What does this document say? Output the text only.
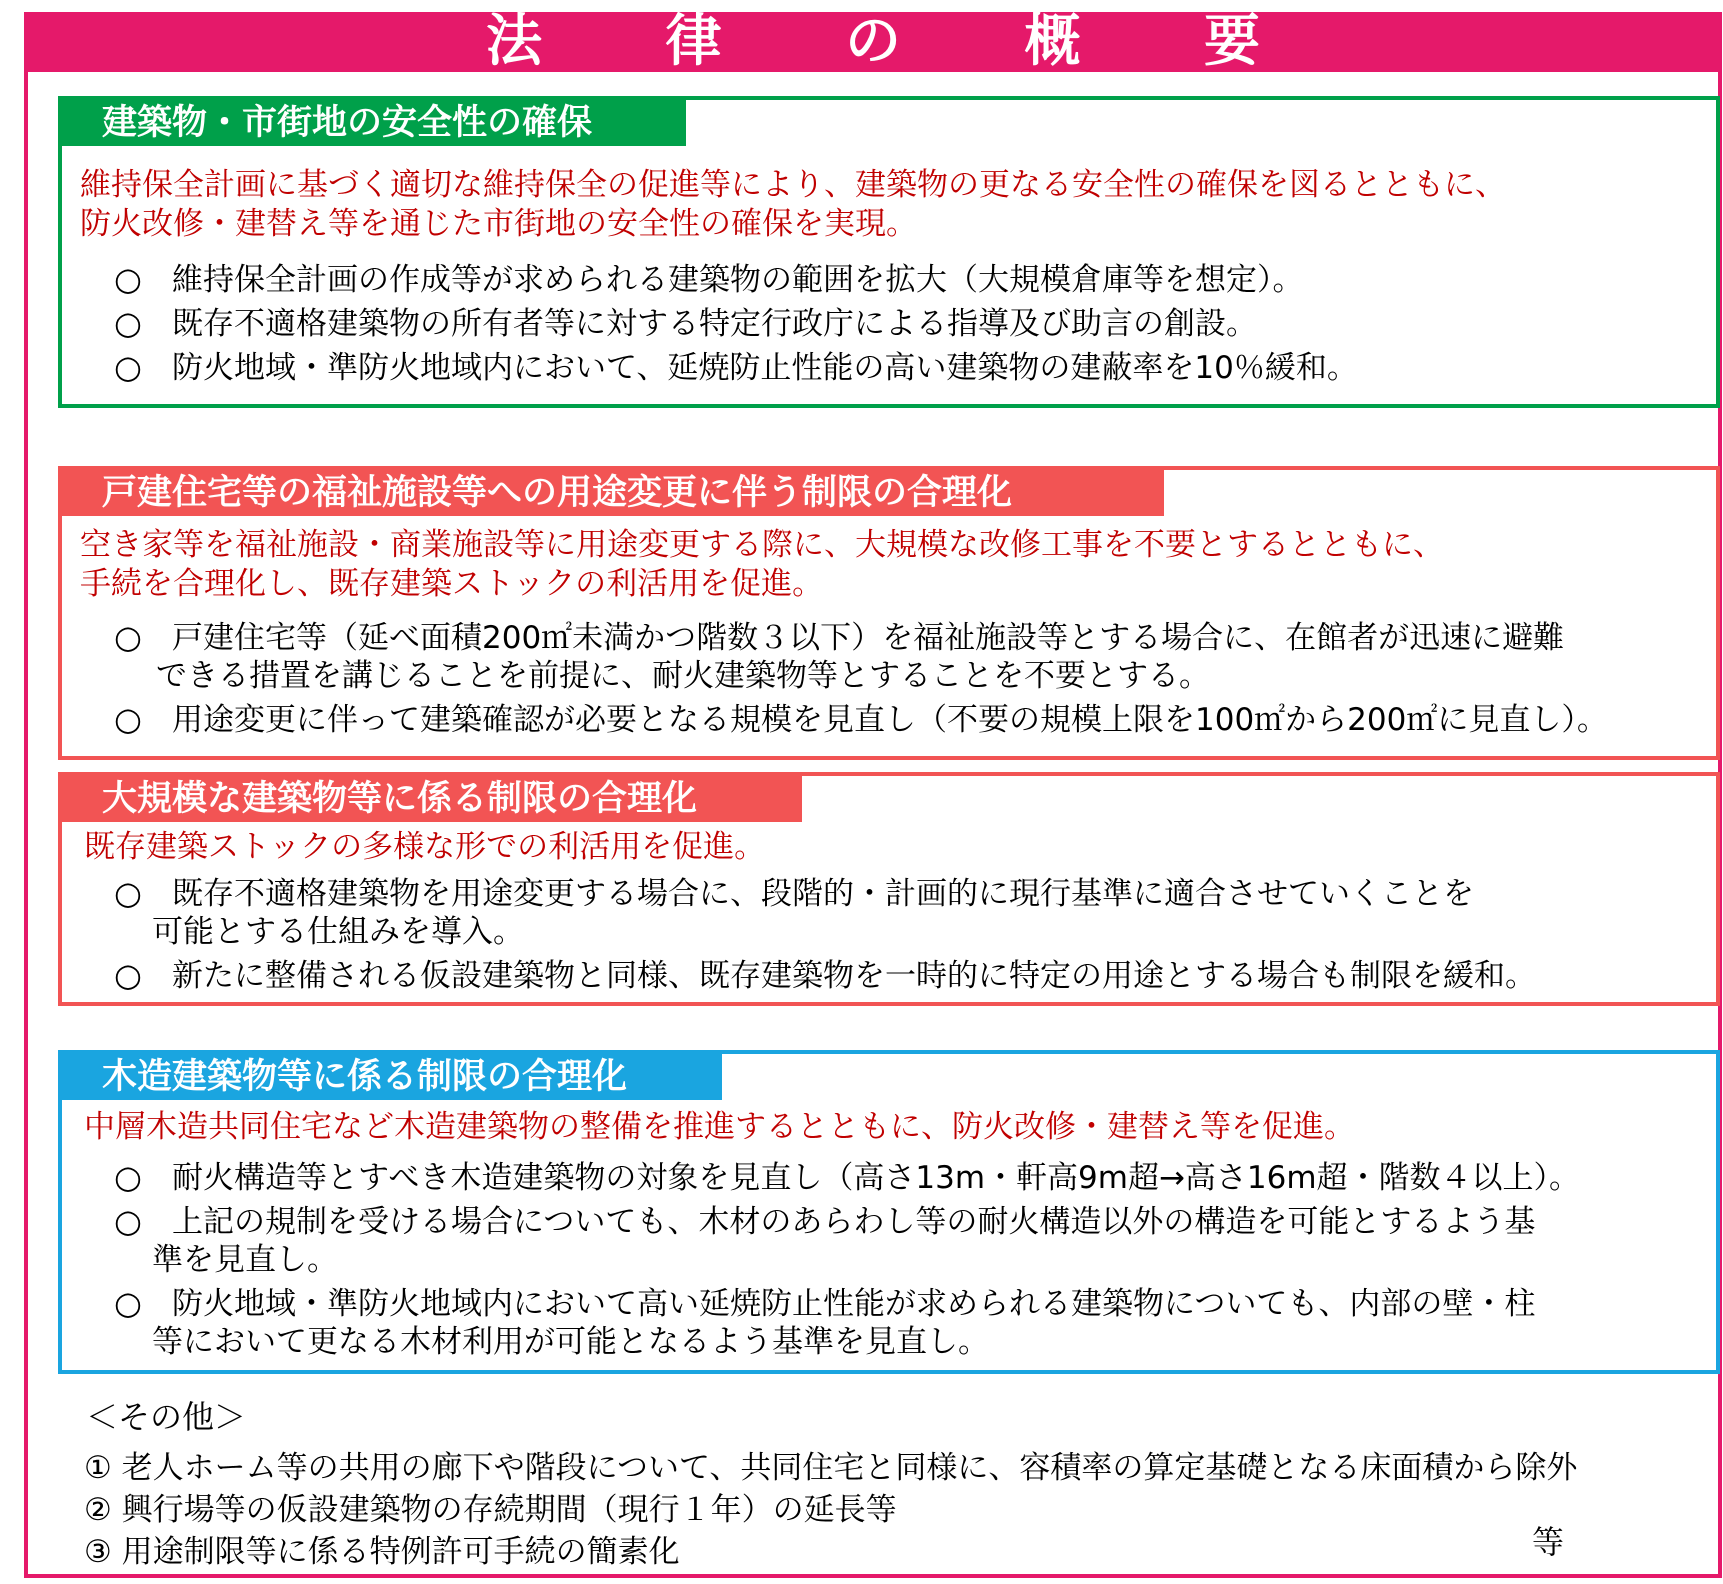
法 律 の 概 要
建築物・市街地の安全性の確保
維持保全計画に基づく適切な維持保全の促進等により、建築物の更なる安全性の確保を図るとともに、
防火改修・建替え等を通じた市街地の安全性の確保を実現。
○ 維持保全計画の作成等が求められる建築物の範囲を拡大（大規模倉庫等を想定）。
○ 既存不適格建築物の所有者等に対する特定行政庁による指導及び助言の創設。
○ 防火地域・準防火地域内において、延焼防止性能の高い建築物の建蔽率を10％緩和。
戸建住宅等の福祉施設等への用途変更に伴う制限の合理化
空き家等を福祉施設・商業施設等に用途変更する際に、大規模な改修工事を不要とするとともに、
手続を合理化し、既存建築ストックの利活用を促進。
○ 戸建住宅等（延べ面積200㎡未満かつ階数３以下）を福祉施設等とする場合に、在館者が迅速に避難
できる措置を講じることを前提に、耐火建築物等とすることを不要とする。
○ 用途変更に伴って建築確認が必要となる規模を見直し（不要の規模上限を100㎡から200㎡に見直し）。
大規模な建築物等に係る制限の合理化
既存建築ストックの多様な形での利活用を促進。
○ 既存不適格建築物を用途変更する場合に、段階的・計画的に現行基準に適合させていくことを
可能とする仕組みを導入。
○ 新たに整備される仮設建築物と同様、既存建築物を一時的に特定の用途とする場合も制限を緩和。
木造建築物等に係る制限の合理化
中層木造共同住宅など木造建築物の整備を推進するとともに、防火改修・建替え等を促進。
○ 耐火構造等とすべき木造建築物の対象を見直し（高さ13m・軒高9m超→高さ16m超・階数４以上）。
○ 上記の規制を受ける場合についても、木材のあらわし等の耐火構造以外の構造を可能とするよう基
準を見直し。
○ 防火地域・準防火地域内において高い延焼防止性能が求められる建築物についても、内部の壁・柱
等において更なる木材利用が可能となるよう基準を見直し。
＜その他＞
① 老人ホーム等の共用の廊下や階段について、共同住宅と同様に、容積率の算定基礎となる床面積から除外
② 興行場等の仮設建築物の存続期間（現行１年）の延長等
③ 用途制限等に係る特例許可手続の簡素化	等
